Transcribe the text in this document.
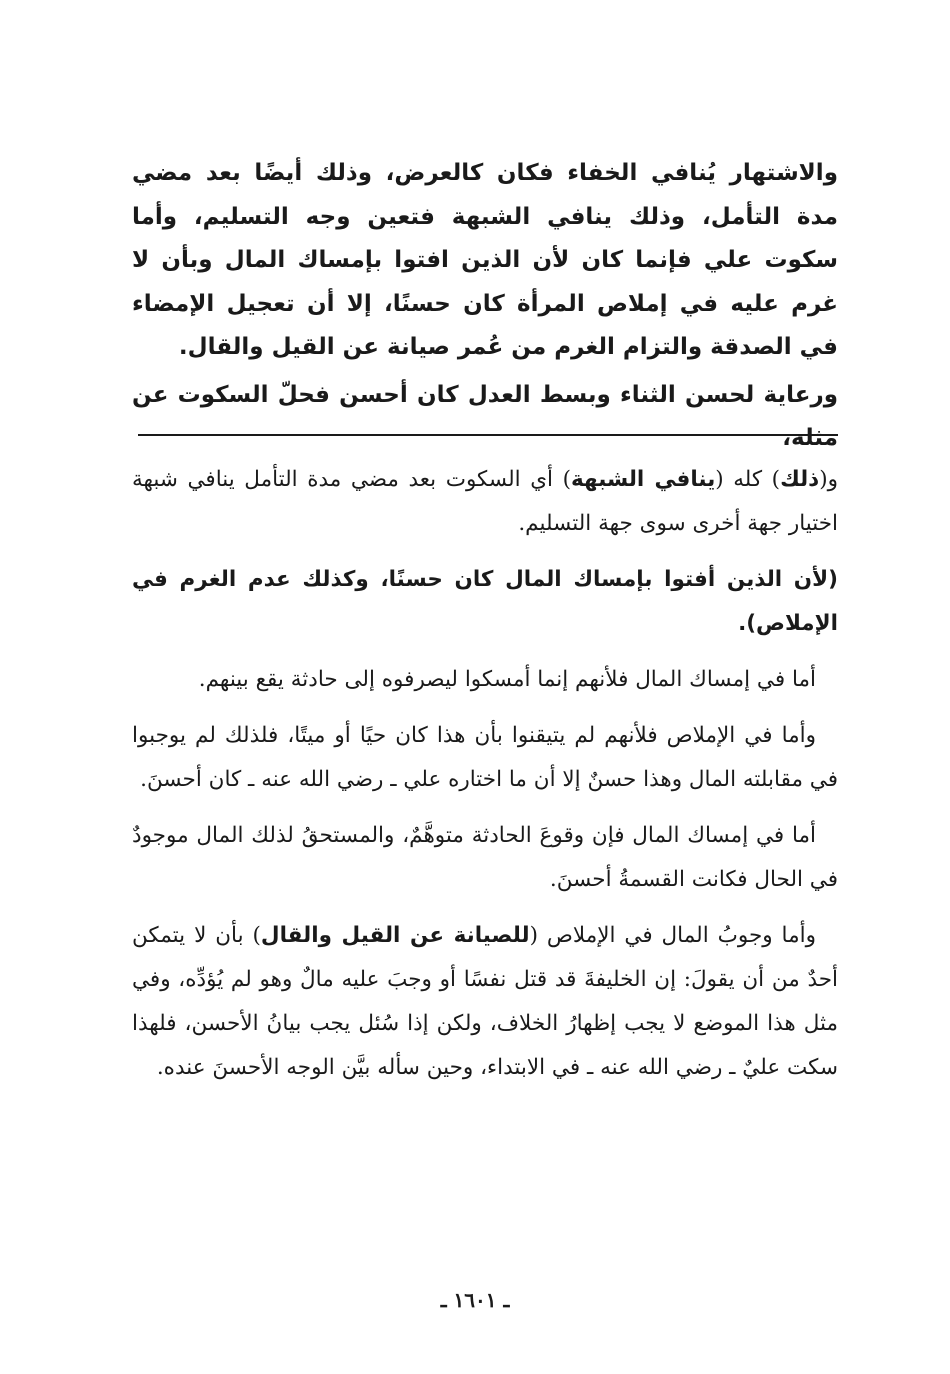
والاشتهار يُنافي الخفاء فكان كالعرض، وذلك أيضًا بعد مضي مدة التأمل، وذلك ينافي الشبهة فتعين وجه التسليم، وأما سكوت علي فإنما كان لأن الذين افتوا بإمساك المال وبأن لا غرم عليه في إملاص المرأة كان حسنًا، إلا أن تعجيل الإمضاء في الصدقة والتزام الغرم من عُمر صيانة عن القيل والقال.

ورعاية لحسن الثناء وبسط العدل كان أحسن فحلّ السكوت عن مثله،

و(ذلك) كله (ينافي الشبهة) أي السكوت بعد مضي مدة التأمل ينافي شبهة اختيار جهة أخرى سوى جهة التسليم.

(لأن الذين أفتوا بإمساك المال كان حسنًا، وكذلك عدم الغرم في الإملاص).

أما في إمساك المال فلأنهم إنما أمسكوا ليصرفوه إلى حادثة يقع بينهم.

وأما في الإملاص فلأنهم لم يتيقنوا بأن هذا كان حيًا أو ميتًا، فلذلك لم يوجبوا في مقابلته المال وهذا حسنٌ إلا أن ما اختاره علي ـ رضي الله عنه ـ كان أحسنَ.

أما في إمساك المال فإن وقوعَ الحادثة متوهَّمٌ، والمستحقُ لذلك المال موجودٌ في الحال فكانت القسمةُ أحسنَ.

وأما وجوبُ المال في الإملاص (للصيانة عن القيل والقال) بأن لا يتمكن أحدٌ من أن يقولَ: إن الخليفةَ قد قتل نفسًا أو وجبَ عليه مالٌ وهو لم يُؤدِّه، وفي مثل هذا الموضع لا يجب إظهارُ الخلاف، ولكن إذا سُئل يجب بيانُ الأحسن، فلهذا سكت عليٌ ـ رضي الله عنه ـ في الابتداء، وحين سأله بيَّن الوجه الأحسنَ عنده.

ـ ١٦٠١ ـ
